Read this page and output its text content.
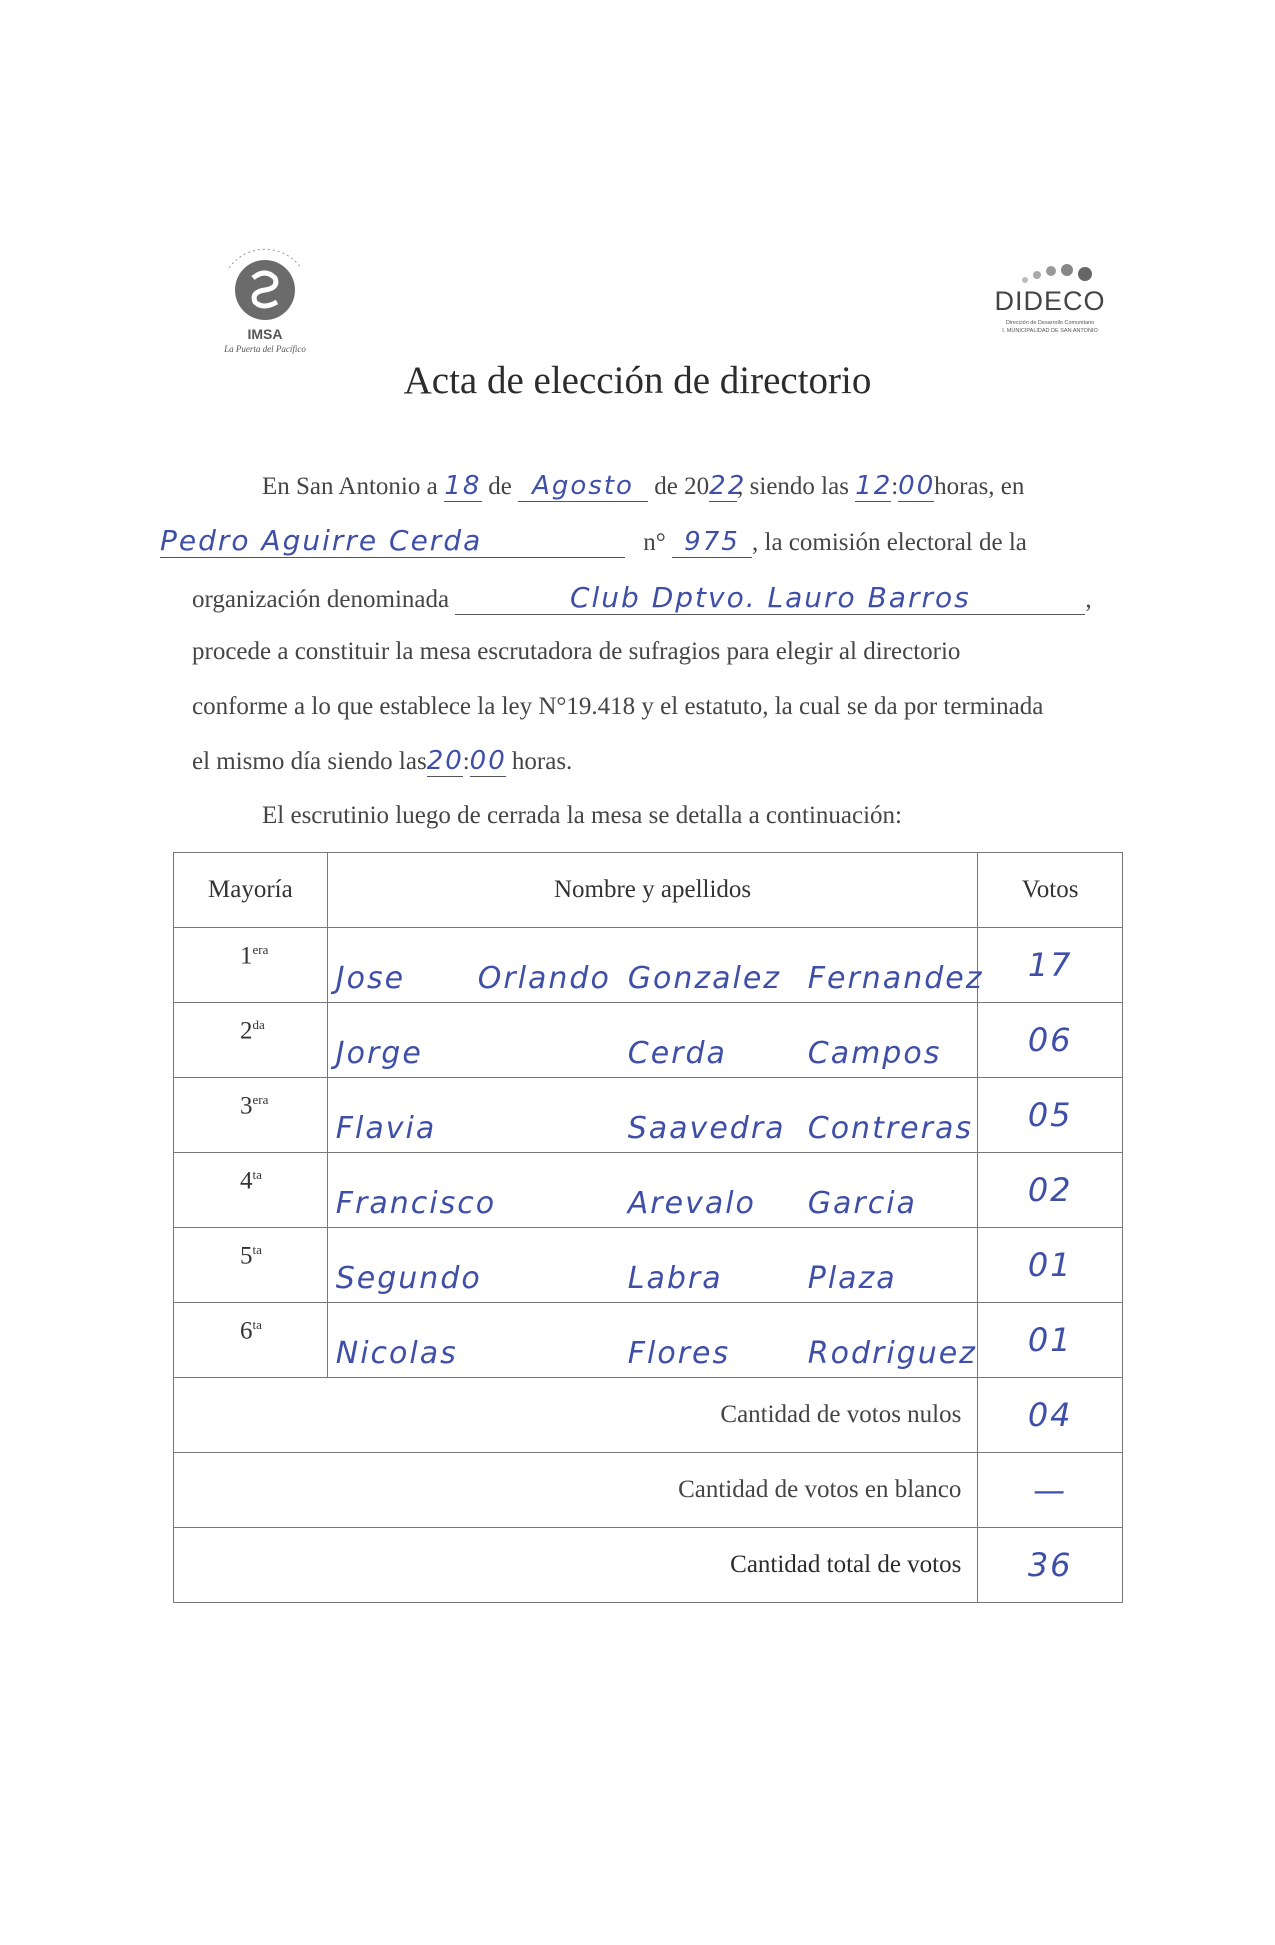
IMSA
La Puerta del Pacífico
DIDECO
Dirección de Desarrollo Comunitario
I. MUNICIPALIDAD DE SAN ANTONIO
Acta de elección de directorio
En San Antonio a 18 de Agosto de 2022, siendo las 12:00horas, en
Pedro Aguirre Cerda	n° 975 , la comisión electoral de la
organización denominada	Club Dptvo. Lauro Barros	,
procede a constituir la mesa escrutadora de sufragios para elegir al directorio
conforme a lo que establece la ley N°19.418 y el estatuto, la cual se da por terminada
el mismo día siendo las20:00 horas.
El escrutinio luego de cerrada la mesa se detalla a continuación:
Mayoría	Nombre y apellidos	Votos
$1^{era}$	Jose Orlando Gonzalez Fernandez	17
$2^{da}$	Jorge Cerda Campos	06
$3^{era}$	Flavia Saavedra Contreras	05
$4^{ta}$	Francisco Arevalo Garcia	02
$5^{ta}$	Segundo Labra Plaza	01
$6^{ta}$	Nicolas Flores Rodriguez	01
Cantidad de votos nulos		04
Cantidad de votos en blanco		—
Cantidad total de votos		36
